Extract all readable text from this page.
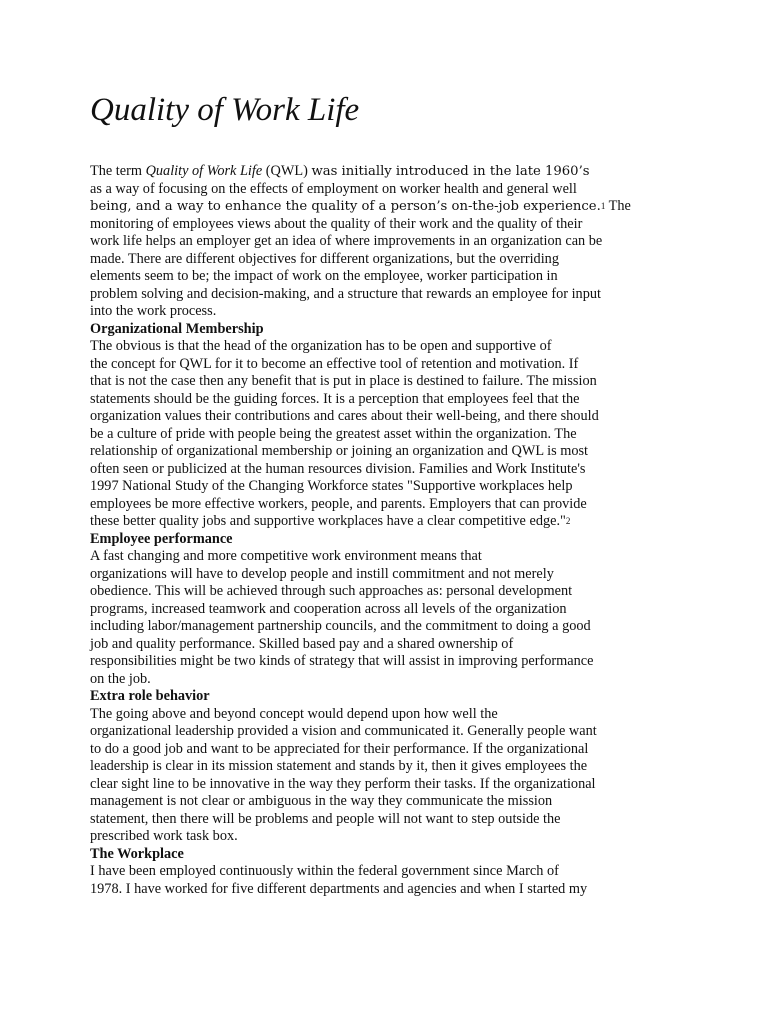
Quality of Work Life
The term Quality of Work Life (QWL) was initially introduced in the late 1960’s
as a way of focusing on the effects of employment on worker health and general well
being, and a way to enhance the quality of a person’s on-the-job experience.1 The
monitoring of employees views about the quality of their work and the quality of their
work life helps an employer get an idea of where improvements in an organization can be
made. There are different objectives for different organizations, but the overriding
elements seem to be; the impact of work on the employee, worker participation in
problem solving and decision-making, and a structure that rewards an employee for input
into the work process.
Organizational Membership
The obvious is that the head of the organization has to be open and supportive of
the concept for QWL for it to become an effective tool of retention and motivation. If
that is not the case then any benefit that is put in place is destined to failure. The mission
statements should be the guiding forces. It is a perception that employees feel that the
organization values their contributions and cares about their well-being, and there should
be a culture of pride with people being the greatest asset within the organization. The
relationship of organizational membership or joining an organization and QWL is most
often seen or publicized at the human resources division. Families and Work Institute's
1997 National Study of the Changing Workforce states "Supportive workplaces help
employees be more effective workers, people, and parents. Employers that can provide
these better quality jobs and supportive workplaces have a clear competitive edge."2
Employee performance
A fast changing and more competitive work environment means that
organizations will have to develop people and instill commitment and not merely
obedience. This will be achieved through such approaches as: personal development
programs, increased teamwork and cooperation across all levels of the organization
including labor/management partnership councils, and the commitment to doing a good
job and quality performance. Skilled based pay and a shared ownership of
responsibilities might be two kinds of strategy that will assist in improving performance
on the job.
Extra role behavior
The going above and beyond concept would depend upon how well the
organizational leadership provided a vision and communicated it. Generally people want
to do a good job and want to be appreciated for their performance. If the organizational
leadership is clear in its mission statement and stands by it, then it gives employees the
clear sight line to be innovative in the way they perform their tasks. If the organizational
management is not clear or ambiguous in the way they communicate the mission
statement, then there will be problems and people will not want to step outside the
prescribed work task box.
The Workplace
I have been employed continuously within the federal government since March of
1978. I have worked for five different departments and agencies and when I started my
